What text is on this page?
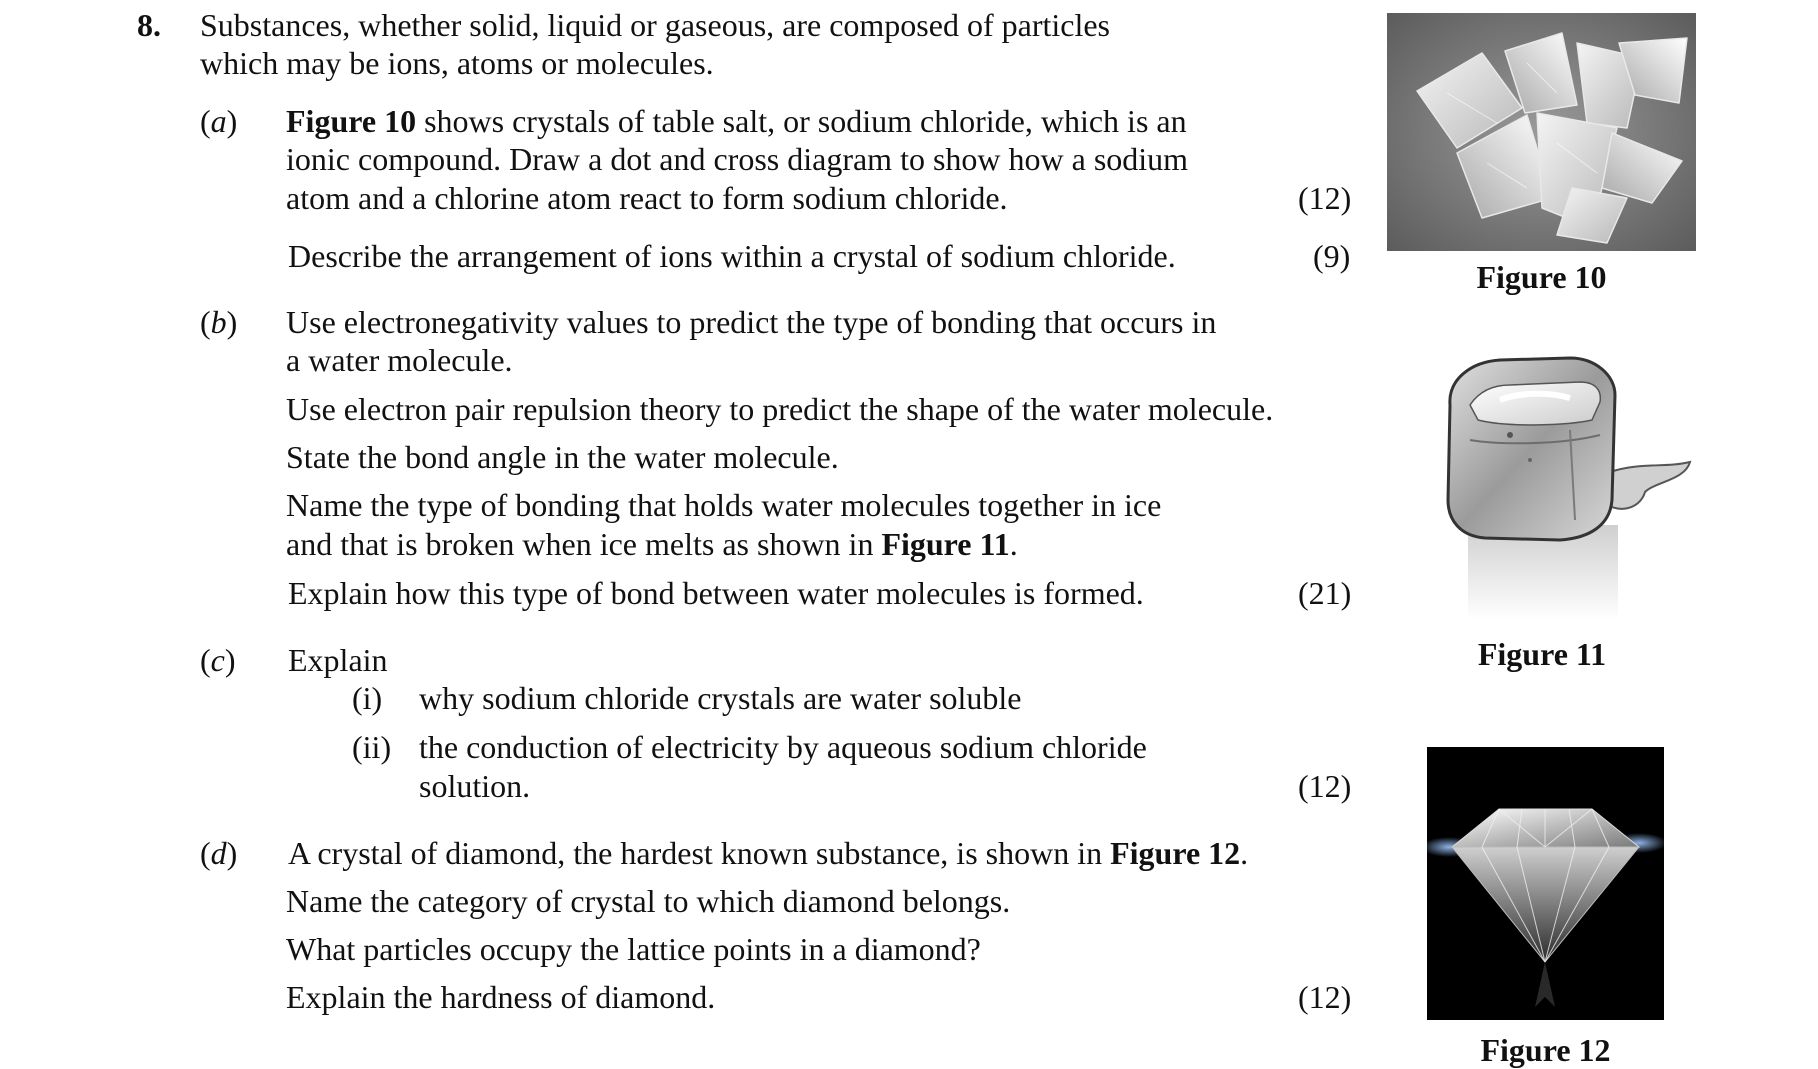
8. Substances, whether solid, liquid or gaseous, are composed of particles
which may be ions, atoms or molecules.
(a) Figure 10 shows crystals of table salt, or sodium chloride, which is an
ionic compound. Draw a dot and cross diagram to show how a sodium
atom and a chlorine atom react to form sodium chloride.	(12)
Describe the arrangement of ions within a crystal of sodium chloride.	(9)
(b) Use electronegativity values to predict the type of bonding that occurs in
a water molecule.
Use electron pair repulsion theory to predict the shape of the water molecule.
State the bond angle in the water molecule.
Name the type of bonding that holds water molecules together in ice
and that is broken when ice melts as shown in Figure 11.
Explain how this type of bond between water molecules is formed.	(21)
(c) Explain
(i) why sodium chloride crystals are water soluble
(ii) the conduction of electricity by aqueous sodium chloride
solution.	(12)
(d) A crystal of diamond, the hardest known substance, is shown in Figure 12.
Name the category of crystal to which diamond belongs.
What particles occupy the lattice points in a diamond?
Explain the hardness of diamond.	(12)
Figure 10
Figure 11
Figure 12
